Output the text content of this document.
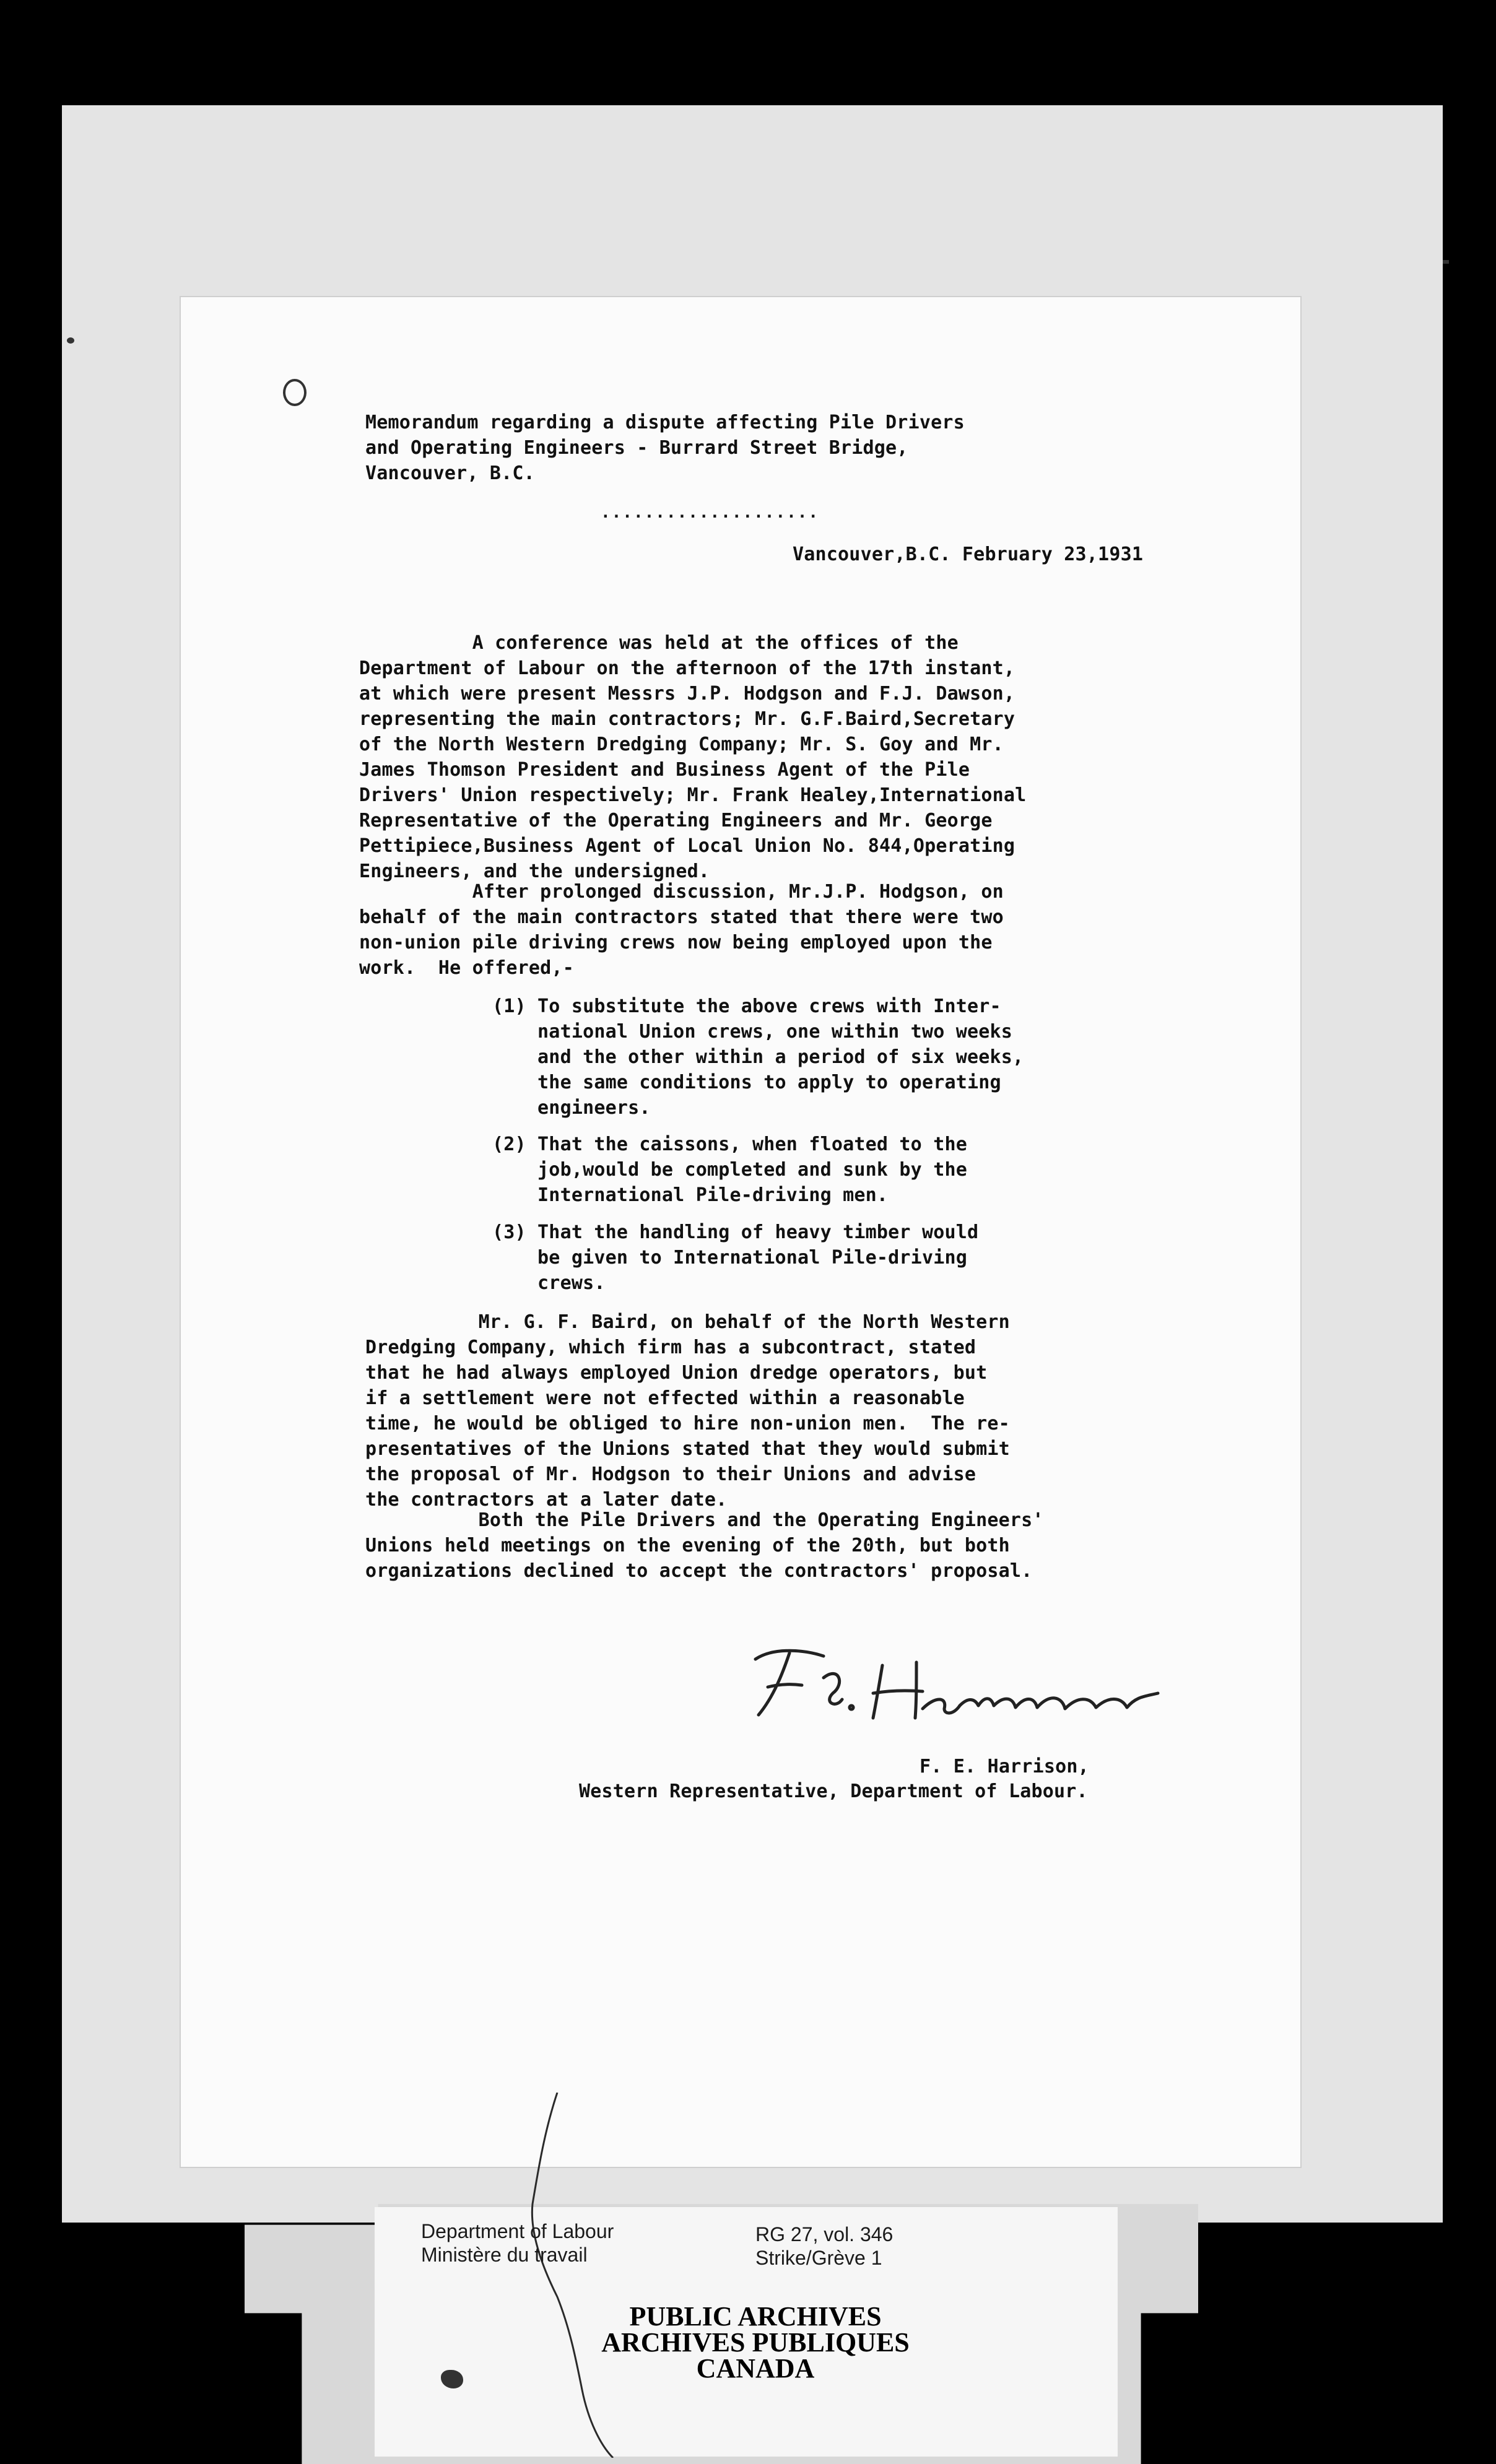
Memorandum regarding a dispute affecting Pile Drivers
and Operating Engineers - Burrard Street Bridge,
Vancouver, B.C.
....................
Vancouver,B.C. February 23,1931
A conference was held at the offices of the
Department of Labour on the afternoon of the 17th instant,
at which were present Messrs J.P. Hodgson and F.J. Dawson,
representing the main contractors; Mr. G.F.Baird,Secretary
of the North Western Dredging Company; Mr. S. Goy and Mr.
James Thomson President and Business Agent of the Pile
Drivers' Union respectively; Mr. Frank Healey,International
Representative of the Operating Engineers and Mr. George
Pettipiece,Business Agent of Local Union No. 844,Operating
Engineers, and the undersigned.
After prolonged discussion, Mr.J.P. Hodgson, on
behalf of the main contractors stated that there were two
non-union pile driving crews now being employed upon the
work.  He offered,-
(1) To substitute the above crews with Inter-
national Union crews, one within two weeks
and the other within a period of six weeks,
the same conditions to apply to operating
engineers.
(2) That the caissons, when floated to the
job,would be completed and sunk by the
International Pile-driving men.
(3) That the handling of heavy timber would
be given to International Pile-driving
crews.
Mr. G. F. Baird, on behalf of the North Western
Dredging Company, which firm has a subcontract, stated
that he had always employed Union dredge operators, but
if a settlement were not effected within a reasonable
time, he would be obliged to hire non-union men.  The re-
presentatives of the Unions stated that they would submit
the proposal of Mr. Hodgson to their Unions and advise
the contractors at a later date.
Both the Pile Drivers and the Operating Engineers'
Unions held meetings on the evening of the 20th, but both
organizations declined to accept the contractors' proposal.
F. E. Harrison,
Western Representative, Department of Labour.
Department of Labour
Ministère du travail
RG 27, vol. 346
Strike/Grève 1
PUBLIC ARCHIVES
ARCHIVES PUBLIQUES
CANADA
